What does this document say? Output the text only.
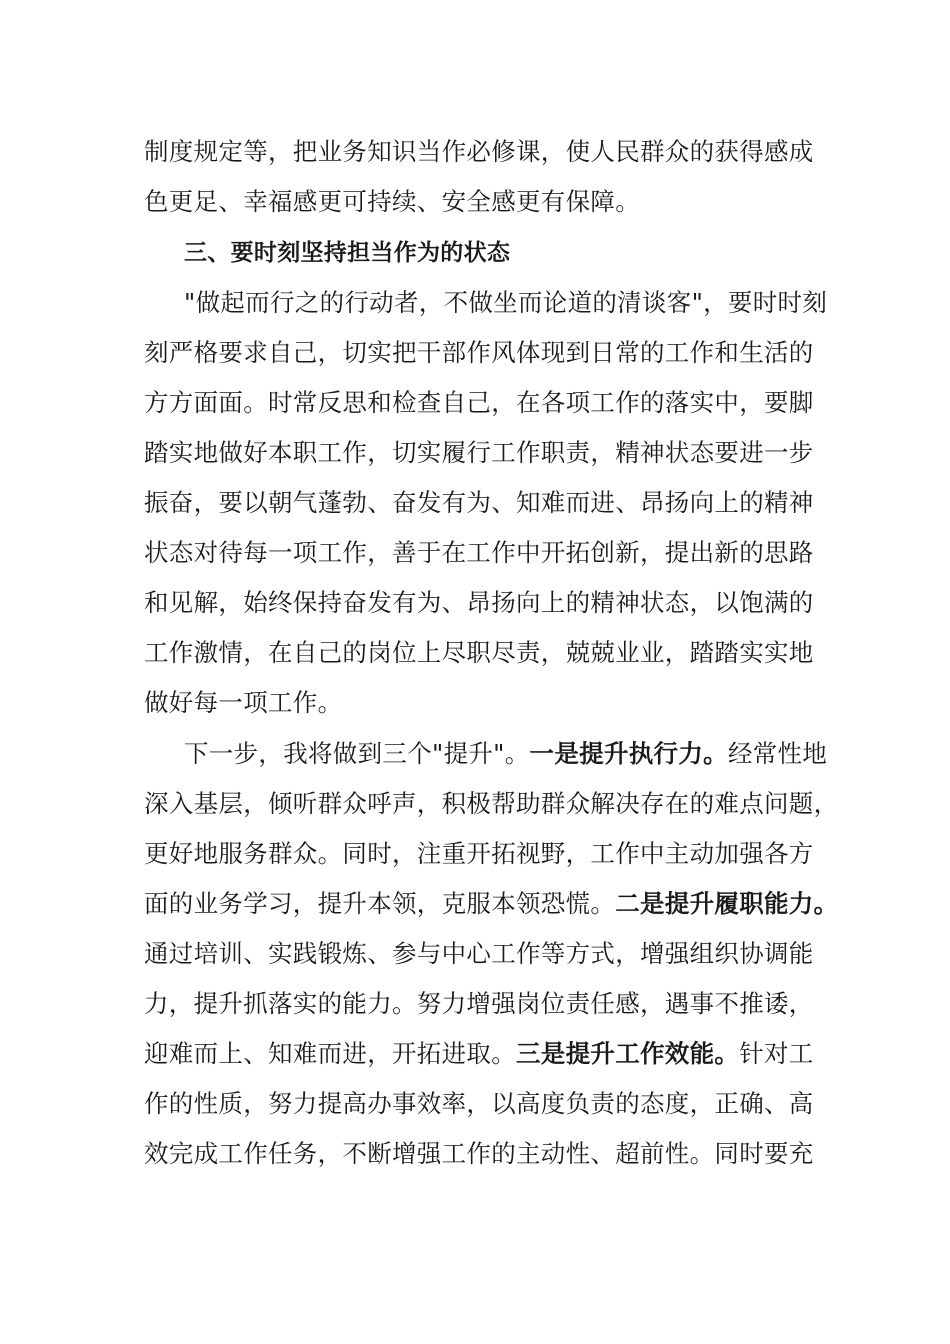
制度规定等，把业务知识当作必修课，使人民群众的获得感成
色更足、幸福感更可持续、安全感更有保障。
三、要时刻坚持担当作为的状态
"做起而行之的行动者，不做坐而论道的清谈客"，要时时刻
刻严格要求自己，切实把干部作风体现到日常的工作和生活的
方方面面。时常反思和检查自己，在各项工作的落实中，要脚
踏实地做好本职工作，切实履行工作职责，精神状态要进一步
振奋，要以朝气蓬勃、奋发有为、知难而进、昂扬向上的精神
状态对待每一项工作，善于在工作中开拓创新，提出新的思路
和见解，始终保持奋发有为、昂扬向上的精神状态，以饱满的
工作激情，在自己的岗位上尽职尽责，兢兢业业，踏踏实实地
做好每一项工作。
下一步，我将做到三个"提升"。一是提升执行力。经常性地
深入基层，倾听群众呼声，积极帮助群众解决存在的难点问题，
更好地服务群众。同时，注重开拓视野，工作中主动加强各方
面的业务学习，提升本领，克服本领恐慌。二是提升履职能力。
通过培训、实践锻炼、参与中心工作等方式，增强组织协调能
力，提升抓落实的能力。努力增强岗位责任感，遇事不推诿，
迎难而上、知难而进，开拓进取。三是提升工作效能。针对工
作的性质，努力提高办事效率，以高度负责的态度，正确、高
效完成工作任务，不断增强工作的主动性、超前性。同时要充
